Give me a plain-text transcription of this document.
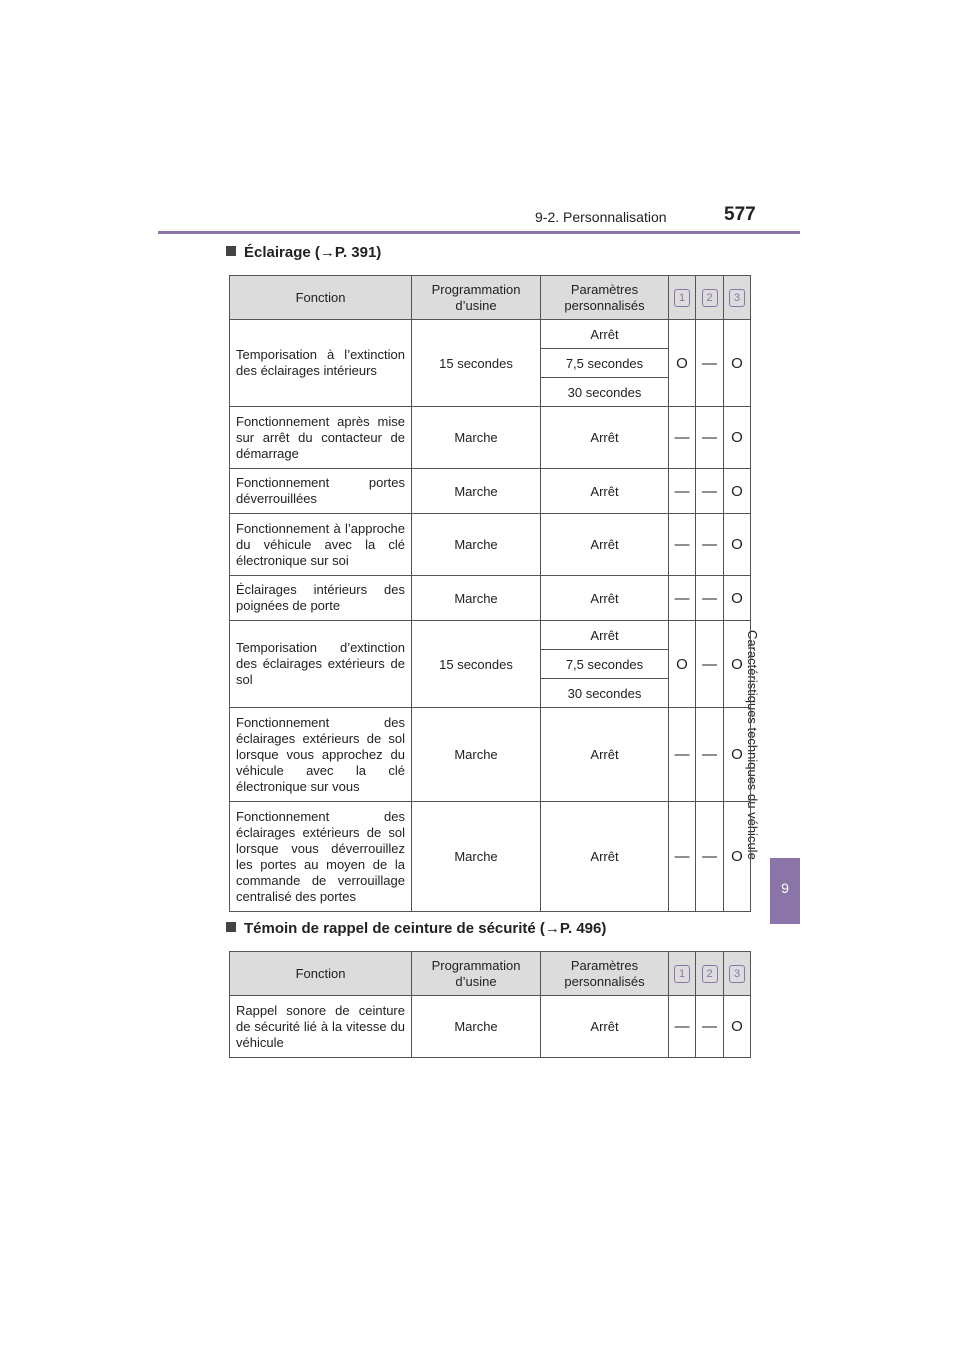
9-2. Personnalisation	577
Caractéristiques techniques du véhicule
9
Éclairage (→P. 391)
Fonction	Programmation d’usine	Paramètres personnalisés	1	2	3
Temporisation à l’extinction des éclairages intérieurs	15 secondes	Arrêt	O	—	O
		7,5 secondes			
		30 secondes			
Fonctionnement après mise sur arrêt du contacteur de démarrage	Marche	Arrêt	—	—	O
Fonctionnement portes déverrouillées	Marche	Arrêt	—	—	O
Fonctionnement à l’approche du véhicule avec la clé électronique sur soi	Marche	Arrêt	—	—	O
Éclairages intérieurs des poignées de porte	Marche	Arrêt	—	—	O
Temporisation d’extinction des éclairages extérieurs de sol	15 secondes	Arrêt	O	—	O
		7,5 secondes			
		30 secondes			
Fonctionnement des éclairages extérieurs de sol lorsque vous approchez du véhicule avec la clé électronique sur vous	Marche	Arrêt	—	—	O
Fonctionnement des éclairages extérieurs de sol lorsque vous déverrouillez les portes au moyen de la commande de verrouillage centralisé des portes	Marche	Arrêt	—	—	O
Témoin de rappel de ceinture de sécurité (→P. 496)
Fonction	Programmation d’usine	Paramètres personnalisés	1	2	3
Rappel sonore de ceinture de sécurité lié à la vitesse du véhicule	Marche	Arrêt	—	—	O
